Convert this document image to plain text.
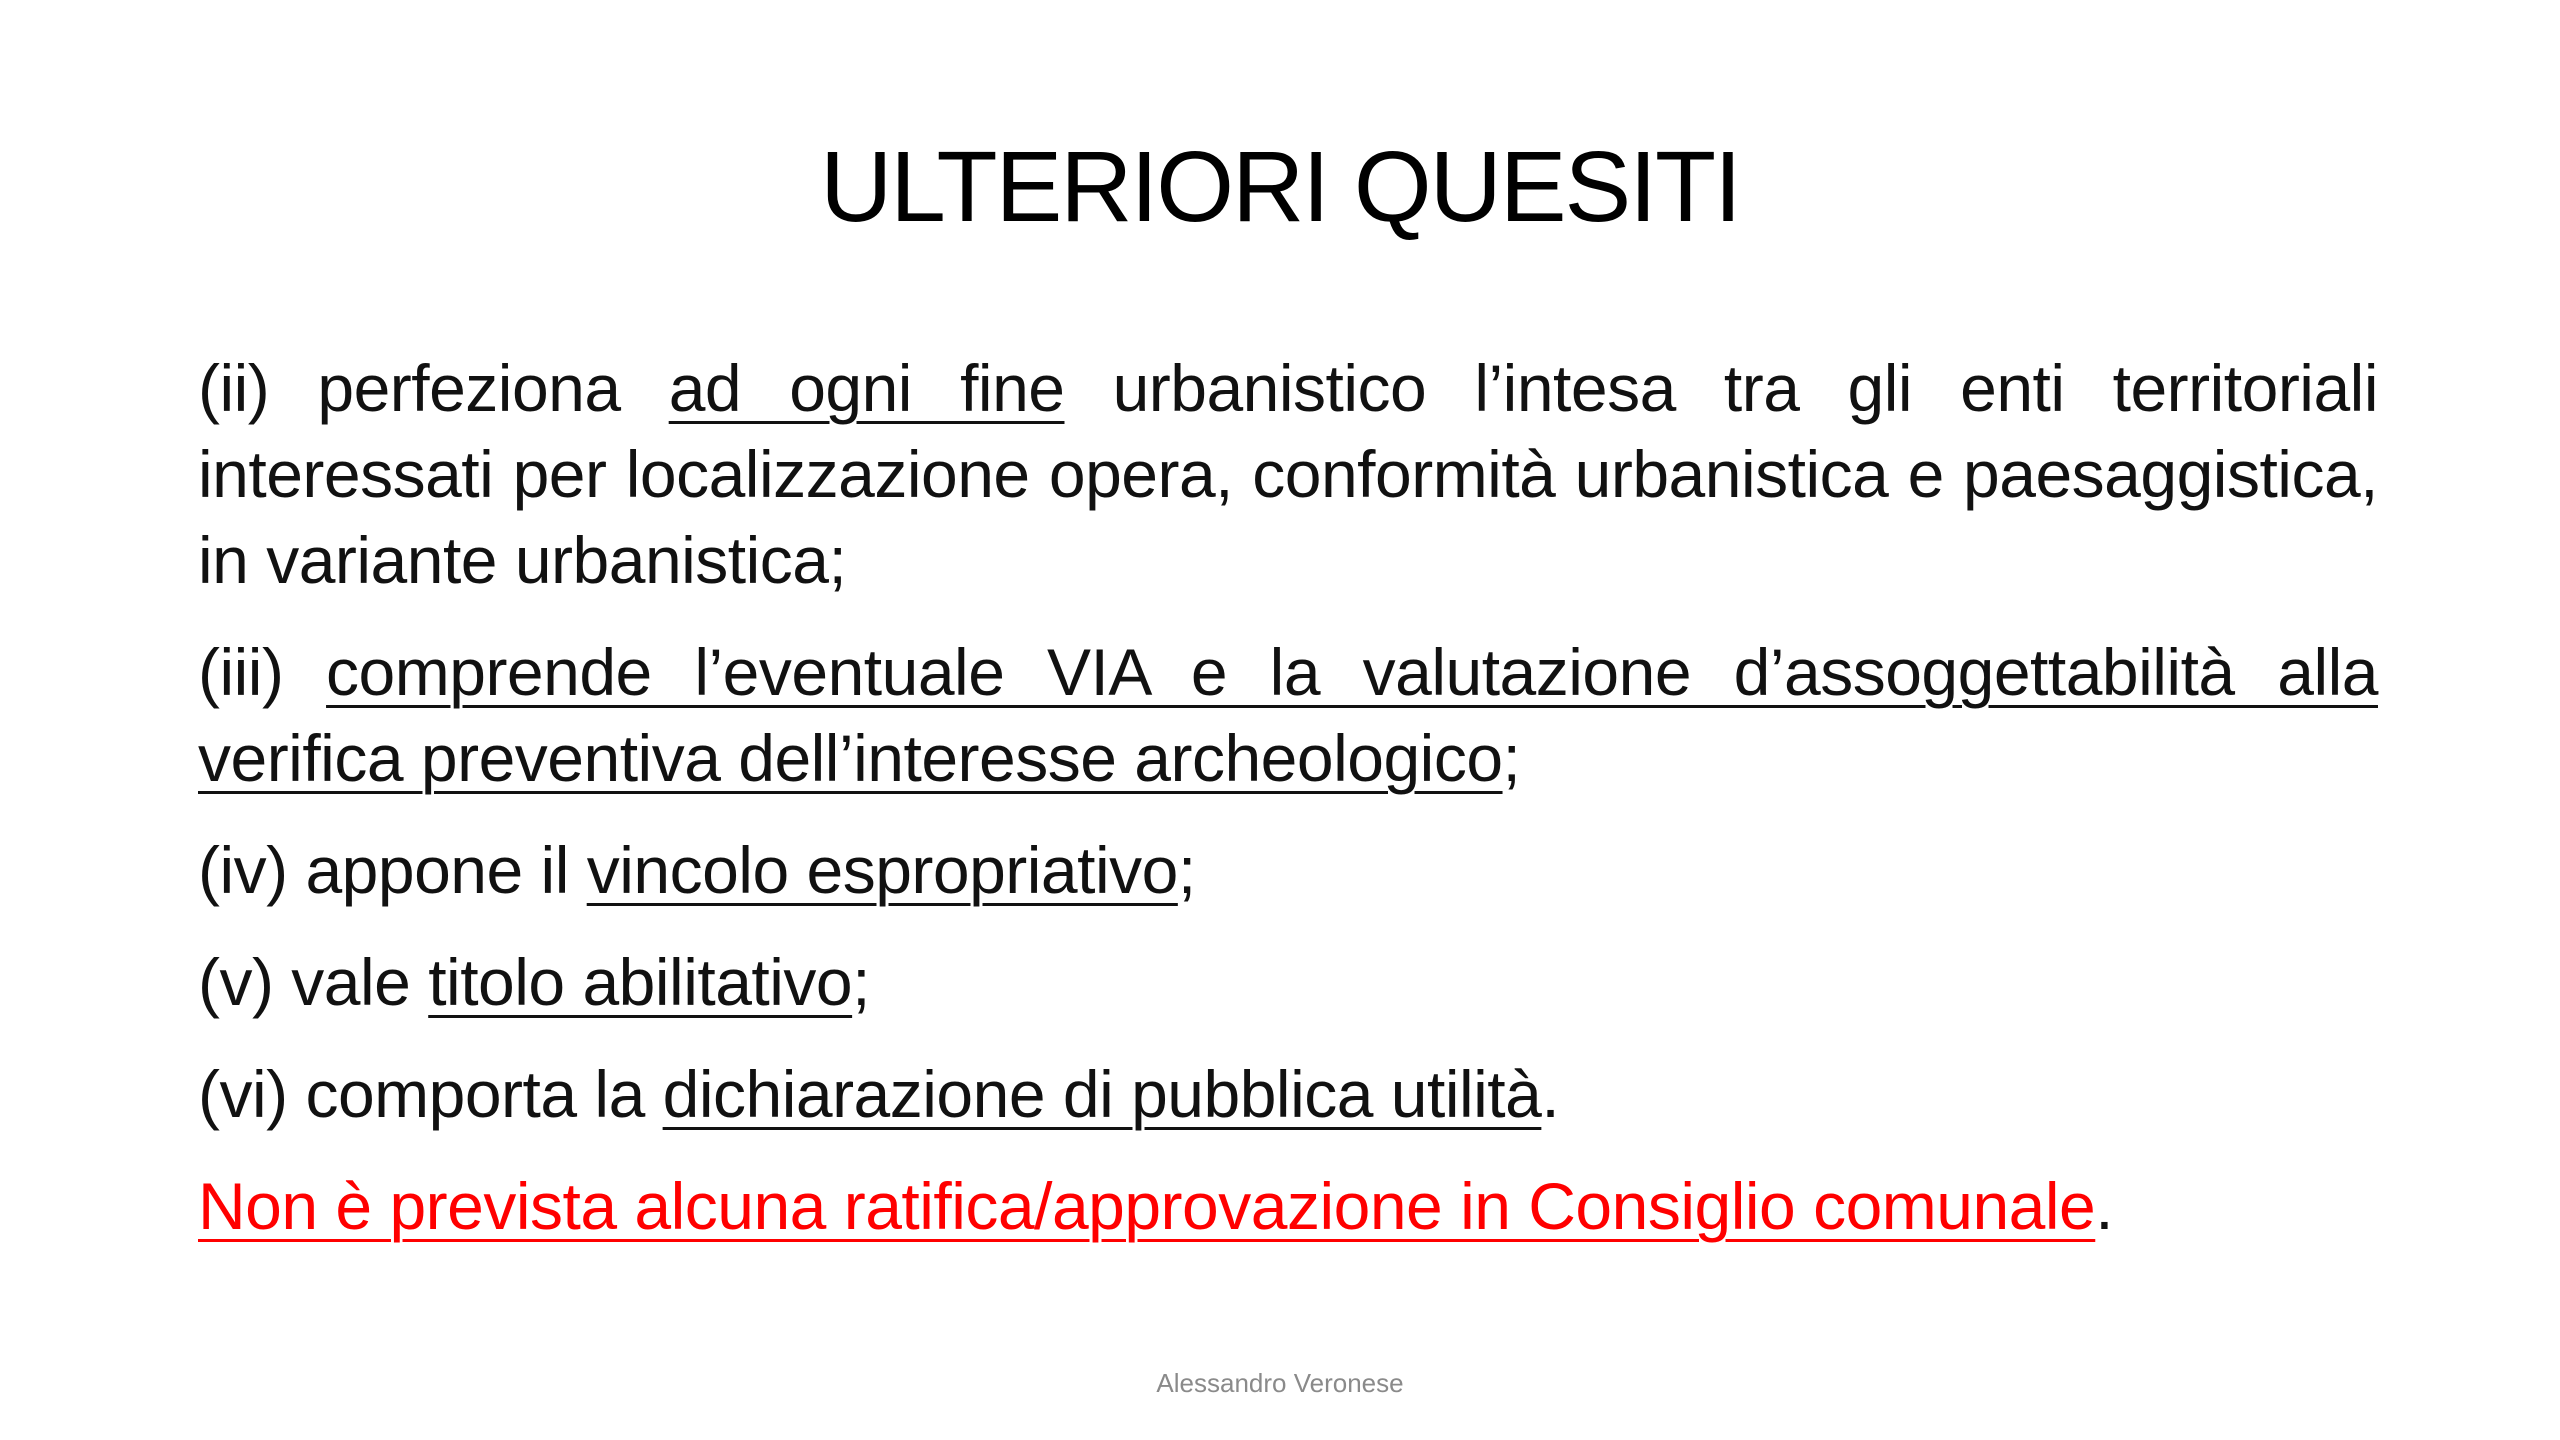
ULTERIORI QUESITI

(ii) perfeziona ad ogni fine urbanistico l’intesa tra gli enti territoriali interessati per localizzazione opera, conformità urbanistica e paesaggistica, in variante urbanistica;

(iii) comprende l’eventuale VIA e la valutazione d’assoggettabilità alla verifica preventiva dell’interesse archeologico;

(iv) appone il vincolo espropriativo;

(v) vale titolo abilitativo;

(vi) comporta la dichiarazione di pubblica utilità.

Non è prevista alcuna ratifica/approvazione in Consiglio comunale.

Alessandro Veronese
